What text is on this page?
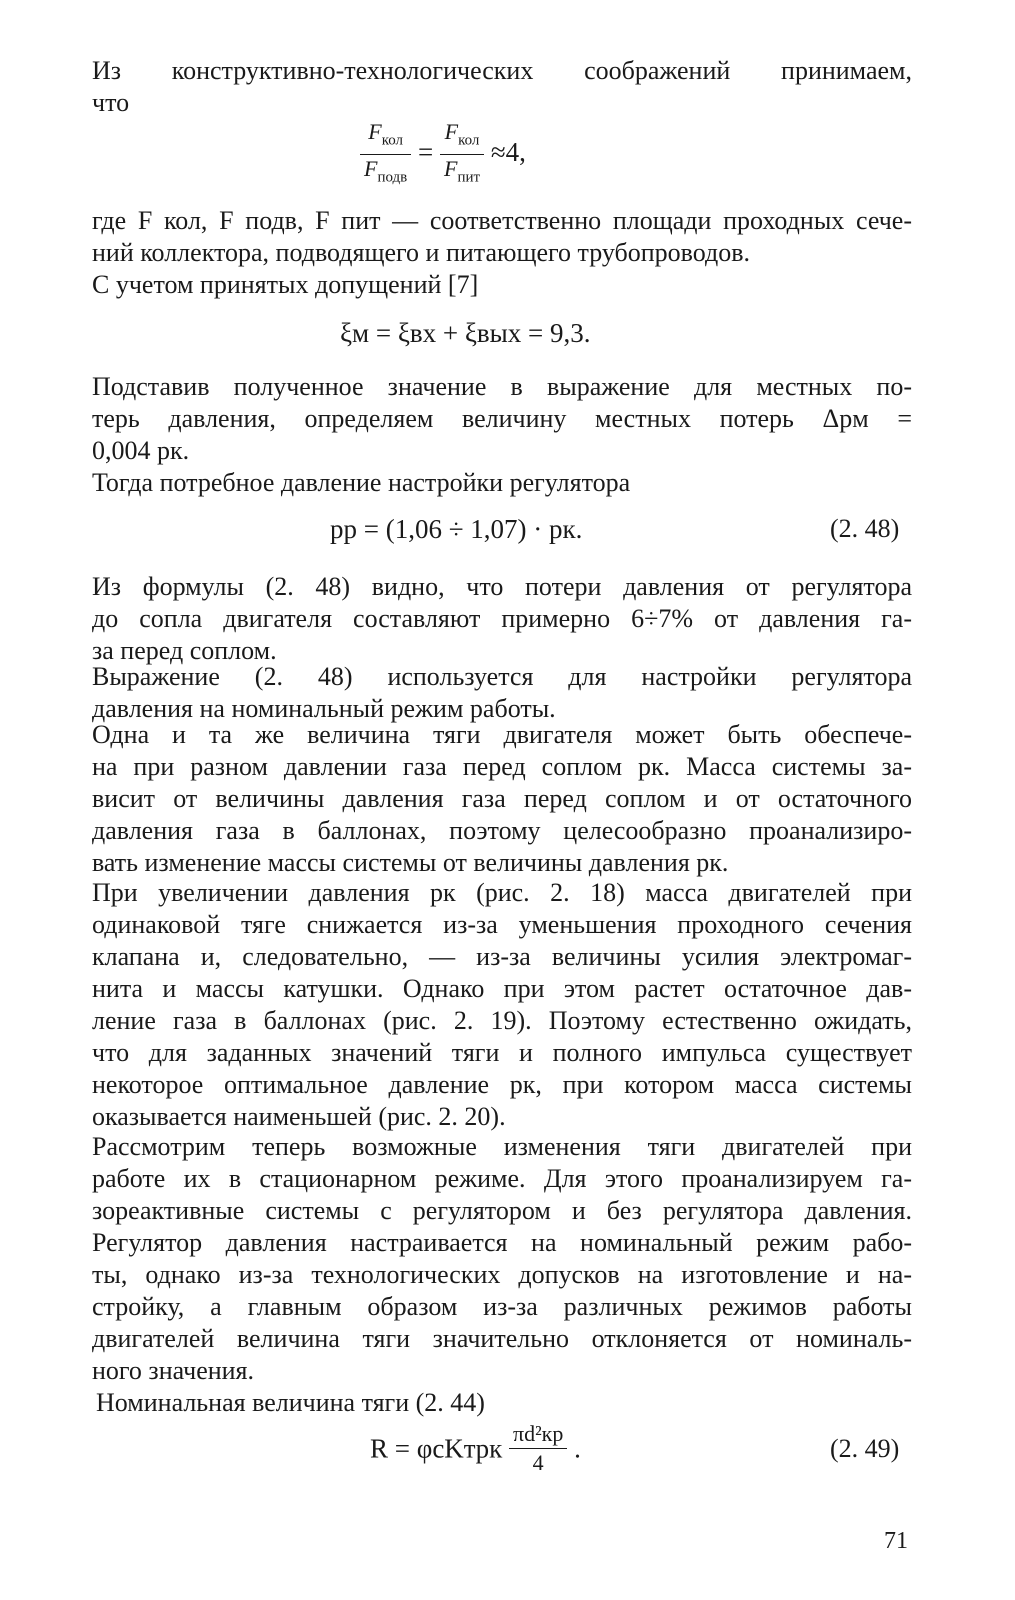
Из конструктивно-технологических соображений принимаем,
что
$\frac{F_{кол}}{F_{подв}} = \frac{F_{кол}}{F_{пит}} \approx 4$,
где F кол, F подв, F пит — соответственно площади проходных сече-
ний коллектора, подводящего и питающего трубопроводов.
С учетом принятых допущений [7]
ξм = ξвх + ξвых = 9,3.
Подставив полученное значение в выражение для местных по-
терь давления, определяем величину местных потерь Δpм =
0,004 pк.
Тогда потребное давление настройки регулятора
pр = (1,06 ÷ 1,07) · pк.	(2. 48)
Из формулы (2. 48) видно, что потери давления от регулятора
до сопла двигателя составляют примерно 6÷7% от давления га-
за перед соплом.
Выражение (2. 48) используется для настройки регулятора
давления на номинальный режим работы.
Одна и та же величина тяги двигателя может быть обеспече-
на при разном давлении газа перед соплом pк. Масса системы за-
висит от величины давления газа перед соплом и от остаточного
давления газа в баллонах, поэтому целесообразно проанализиро-
вать изменение массы системы от величины давления pк.
При увеличении давления pк (рис. 2. 18) масса двигателей при
одинаковой тяге снижается из-за уменьшения проходного сечения
клапана и, следовательно, — из-за величины усилия электромаг-
нита и массы катушки. Однако при этом растет остаточное дав-
ление газа в баллонах (рис. 2. 19). Поэтому естественно ожидать,
что для заданных значений тяги и полного импульса существует
некоторое оптимальное давление pк, при котором масса системы
оказывается наименьшей (рис. 2. 20).
Рассмотрим теперь возможные изменения тяги двигателей при
работе их в стационарном режиме. Для этого проанализируем га-
зореактивные системы с регулятором и без регулятора давления.
Регулятор давления настраивается на номинальный режим рабо-
ты, однако из-за технологических допусков на изготовление и на-
стройку, а главным образом из-за различных режимов работы
двигателей величина тяги значительно отклоняется от номиналь-
ного значения.
Номинальная величина тяги (2. 44)
R = φсKтpк $\frac{\text{πd²кр}}{4}$ .	(2. 49)
71
